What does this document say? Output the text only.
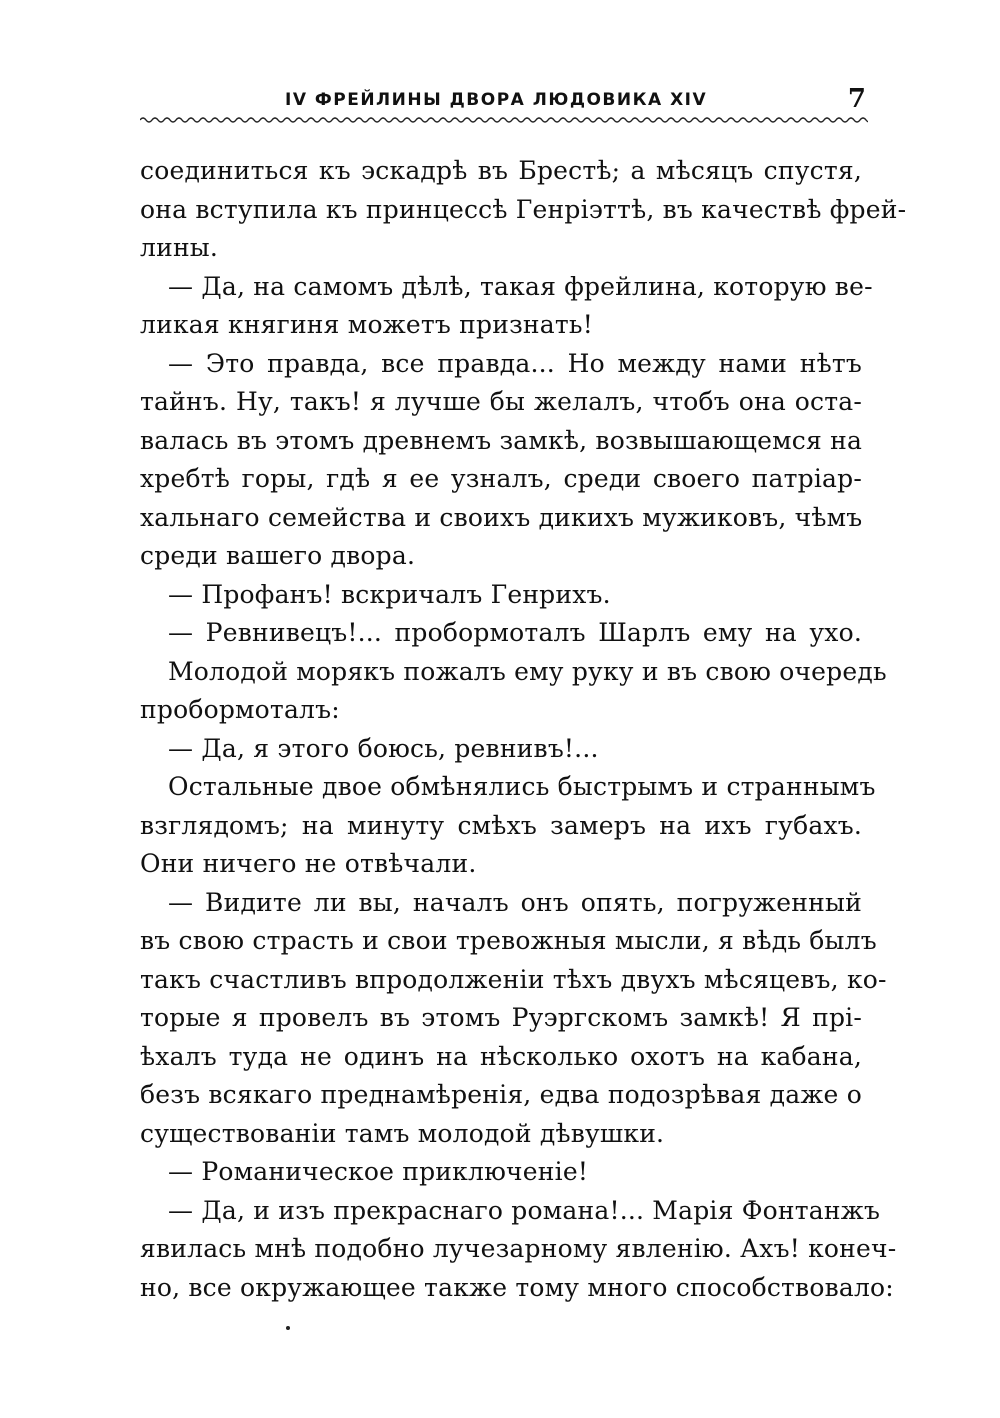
IV ФРЕЙЛИНЫ ДВОРА ЛЮДОВИКА XIV	7
соединиться къ эскадрѣ въ Брестѣ; а мѣсяцъ спустя,
она вступила къ принцессѣ Генріэттѣ, въ качествѣ фрей-
лины.
— Да, на самомъ дѣлѣ, такая фрейлина, которую ве-
ликая княгиня можетъ признать!
— Это правда, все правда... Но между нами нѣтъ
тайнъ. Ну, такъ! я лучше бы желалъ, чтобъ она оста-
валась въ этомъ древнемъ замкѣ, возвышающемся на
хребтѣ горы, гдѣ я ее узналъ, среди своего патріар-
хальнаго семейства и своихъ дикихъ мужиковъ, чѣмъ
среди вашего двора.
— Профанъ! вскричалъ Генрихъ.
— Ревнивецъ!... пробормоталъ Шарлъ ему на ухо.
Молодой морякъ пожалъ ему руку и въ свою очередь
пробормоталъ:
— Да, я этого боюсь, ревнивъ!...
Остальные двое обмѣнялись быстрымъ и страннымъ
взглядомъ; на минуту смѣхъ замеръ на ихъ губахъ.
Они ничего не отвѣчали.
— Видите ли вы, началъ онъ опять, погруженный
въ свою страсть и свои тревожныя мысли, я вѣдь былъ
такъ счастливъ впродолженіи тѣхъ двухъ мѣсяцевъ, ко-
торые я провелъ въ этомъ Руэргскомъ замкѣ! Я прі-
ѣхалъ туда не одинъ на нѣсколько охотъ на кабана,
безъ всякаго преднамѣренія, едва подозрѣвая даже о
существованіи тамъ молодой дѣвушки.
— Романическое приключеніе!
— Да, и изъ прекраснаго романа!... Марія Фонтанжъ
явилась мнѣ подобно лучезарному явленію. Ахъ! конеч-
но, все окружающее также тому много способствовало:
